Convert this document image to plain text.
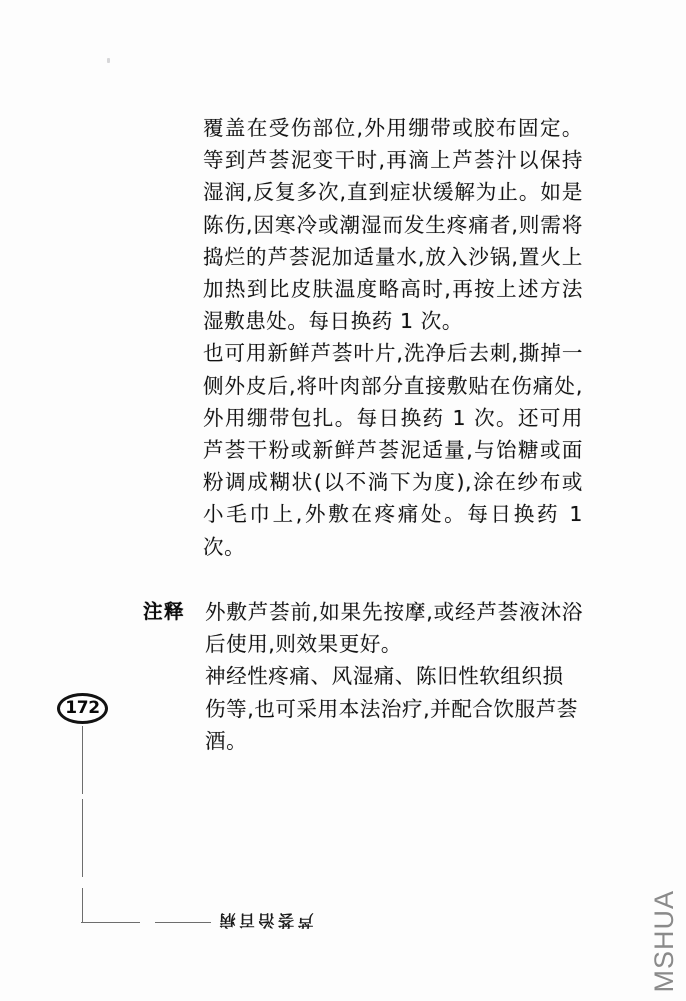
覆盖在受伤部位,外用绷带或胶布固定。等到芦荟泥变干时,再滴上芦荟汁以保持湿润,反复多次,直到症状缓解为止。如是陈伤,因寒冷或潮湿而发生疼痛者,则需将捣烂的芦荟泥加适量水,放入沙锅,置火上加热到比皮肤温度略高时,再按上述方法湿敷患处。每日换药 1 次。

也可用新鲜芦荟叶片,洗净后去刺,撕掉一侧外皮后,将叶肉部分直接敷贴在伤痛处,外用绷带包扎。每日换药 1 次。还可用芦荟干粉或新鲜芦荟泥适量,与饴糖或面粉调成糊状(以不淌下为度),涂在纱布或小毛巾上,外敷在疼痛处。每日换药 1 次。

注释 外敷芦荟前,如果先按摩,或经芦荟液沐浴后使用,则效果更好。

神经性疼痛、风湿痛、陈旧性软组织损伤等,也可采用本法治疗,并配合饮服芦荟酒。

172
芦荟治百病	MSHUA
